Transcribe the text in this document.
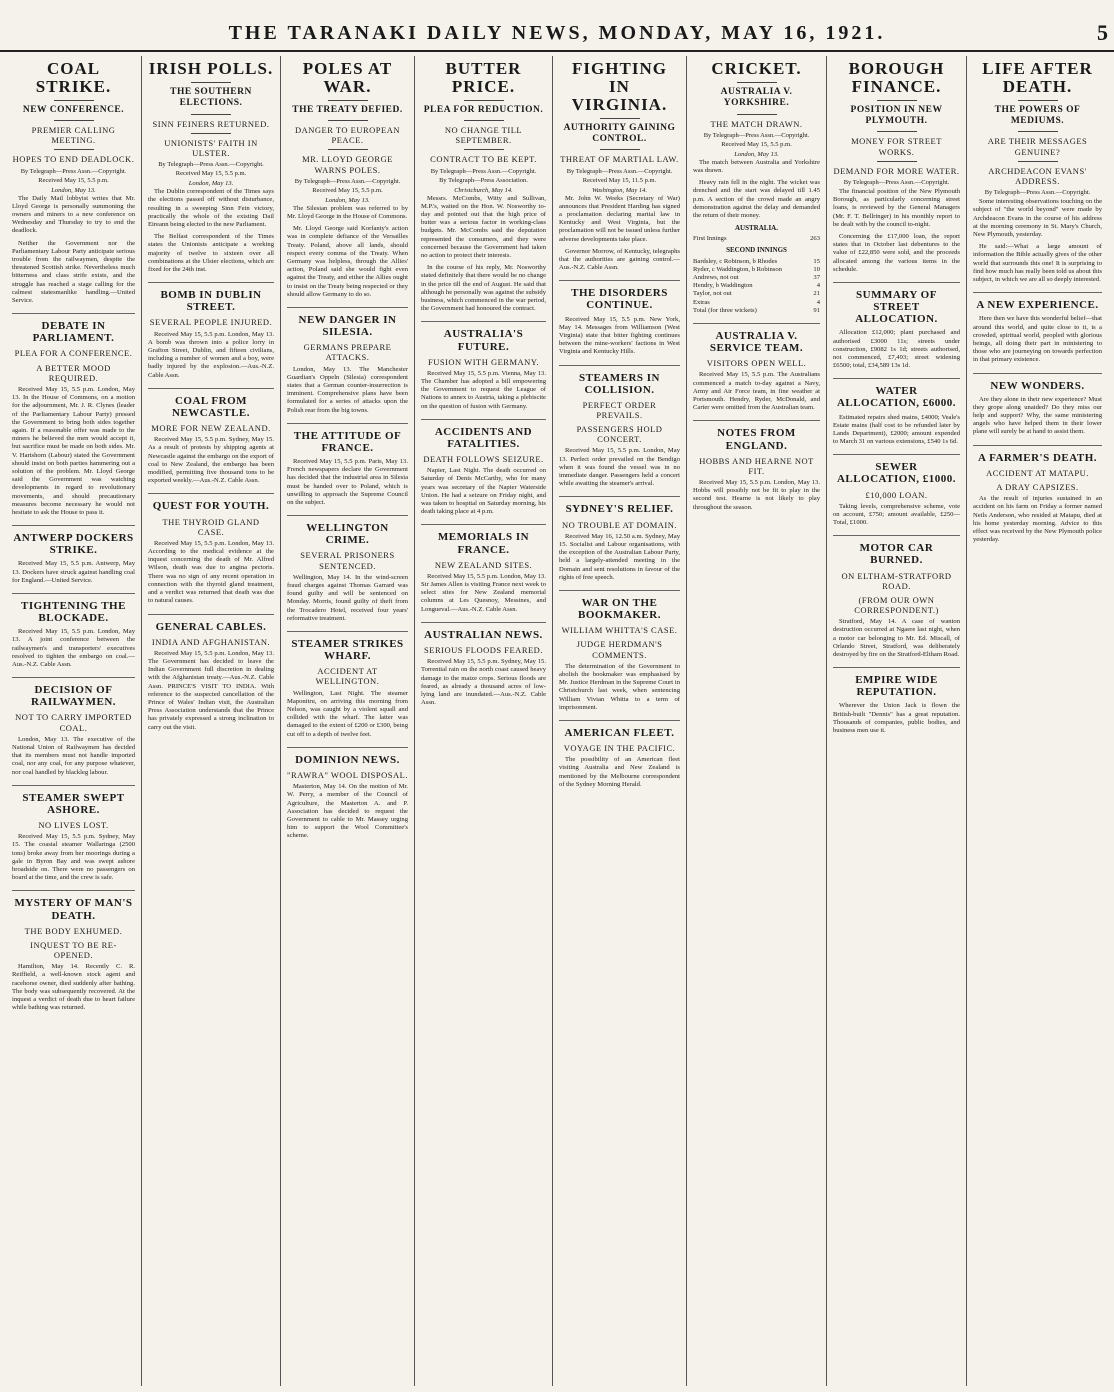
THE TARANAKI DAILY NEWS, MONDAY, MAY 16, 1921.	5
COAL STRIKE.
NEW CONFERENCE.
PREMIER CALLING MEETING.
HOPES TO END DEADLOCK.
By Telegraph—Press Assn.—Copyright.
Received May 15, 5.5 p.m.
London, May 13.

The Daily Mail lobbyist writes that Mr. Lloyd George is personally summoning the owners and miners to a new conference on Wednesday and Thursday to try to end the deadlock.

Neither the Government nor the Parliamentary Labour Party anticipate serious trouble from the railwaymen, despite the threatened Scottish strike. Nevertheless much bitterness and class strife exists, and the struggle has reached a stage calling for the calmest statesmanlike handling.—United Service.

DEBATE IN PARLIAMENT.
PLEA FOR A CONFERENCE.
A BETTER MOOD REQUIRED.

Received May 15, 5.5 p.m. London, May 13. In the House of Commons, on a motion for the adjournment, Mr. J. R. Clynes (leader of the Parliamentary Labour Party) pressed the Government to bring both sides together again. If a reasonable offer was made to the miners he believed the men would accept it, but sacrifice must be made on both sides. Mr. V. Hartshorn (Labour) stated the Government should insist on both parties hammering out a solution of the problem. Mr. Lloyd George said the Government was watching developments in regard to revolutionary movements, and should precautionary measures become necessary he would not hesitate to ask the House to pass it.

ANTWERP DOCKERS STRIKE.

Received May 15, 5.5 p.m. Antwerp, May 13. Dockers have struck against handling coal for England.—United Service.

TIGHTENING THE BLOCKADE.

Received May 15, 5.5 p.m. London, May 13. A joint conference between the railwaymen's and transporters' executives resolved to tighten the embargo on coal.—Aus.-N.Z. Cable Assn.

DECISION OF RAILWAYMEN.
NOT TO CARRY IMPORTED COAL.

London, May 13. The executive of the National Union of Railwaymen has decided that its members must not handle imported coal, nor any coal, for any purpose whatever, nor coal handled by blackleg labour.

STEAMER SWEPT ASHORE.
NO LIVES LOST.

Received May 15, 5.5 p.m. Sydney, May 15. The coastal steamer Wallaringa (2500 tons) broke away from her moorings during a gale in Byron Bay and was swept ashore broadside on. There were no passengers on board at the time, and the crew is safe.

MYSTERY OF MAN'S DEATH.
THE BODY EXHUMED.
INQUEST TO BE RE-OPENED.

Hamilton, May 14. Recently C. R. Reiffield, a well-known stock agent and racehorse owner, died suddenly after bathing. The body was subsequently recovered. At the inquest a verdict of death due to heart failure while bathing was returned.

IRISH POLLS.
THE SOUTHERN ELECTIONS.
SINN FEINERS RETURNED.
UNIONISTS' FAITH IN ULSTER.
By Telegraph—Press Assn.—Copyright.
Received May 15, 5.5 p.m.
London, May 13.

The Dublin correspondent of the Times says the elections passed off without disturbance, resulting in a sweeping Sinn Fein victory, practically the whole of the existing Dail Eireann being elected to the new Parliament.

The Belfast correspondent of the Times states the Unionists anticipate a working majority of twelve to sixteen over all combinations at the Ulster elections, which are fixed for the 24th inst.

BOMB IN DUBLIN STREET.
SEVERAL PEOPLE INJURED.

Received May 15, 5.5 p.m. London, May 13. A bomb was thrown into a police lorry in Grafton Street, Dublin, and fifteen civilians, including a number of women and a boy, were badly injured by the explosion.—Aus.-N.Z. Cable Assn.

COAL FROM NEWCASTLE.
MORE FOR NEW ZEALAND.

Received May 15, 5.5 p.m. Sydney, May 15. As a result of protests by shipping agents at Newcastle against the embargo on the export of coal to New Zealand, the embargo has been modified, permitting five thousand tons to be exported weekly.—Aus.-N.Z. Cable Assn.

QUEST FOR YOUTH.
THE THYROID GLAND CASE.

Received May 15, 5.5 p.m. London, May 13. According to the medical evidence at the inquest concerning the death of Mr. Alfred Wilson, death was due to angina pectoris. There was no sign of any recent operation in connection with the thyroid gland treatment, and a verdict was returned that death was due to natural causes.

GENERAL CABLES.
INDIA AND AFGHANISTAN.

Received May 15, 5.5 p.m. London, May 13. The Government has decided to leave the Indian Government full discretion in dealing with the Afghanistan treaty.—Aus.-N.Z. Cable Assn. PRINCE'S VISIT TO INDIA. With reference to the suspected cancellation of the Prince of Wales' Indian visit, the Australian Press Association understands that the Prince has privately expressed a strong inclination to carry out the visit.

POLES AT WAR.
THE TREATY DEFIED.
DANGER TO EUROPEAN PEACE.
MR. LLOYD GEORGE WARNS POLES.
By Telegraph—Press Assn.—Copyright.
Received May 15, 5.5 p.m.
London, May 13.

The Silesian problem was referred to by Mr. Lloyd George in the House of Commons.

Mr. Lloyd George said Korfanty's action was in complete defiance of the Versailles Treaty. Poland, above all lands, should respect every comma of the Treaty. When Germany was helpless, through the Allies' action, Poland said she would fight even against the Treaty, and either the Allies ought to insist on the Treaty being respected or they should allow Germany to do so.

NEW DANGER IN SILESIA.
GERMANS PREPARE ATTACKS.

London, May 13. The Manchester Guardian's Oppeln (Silesia) correspondent states that a German counter-insurrection is imminent. Comprehensive plans have been formulated for a series of attacks upon the Polish rear from the big towns.

THE ATTITUDE OF FRANCE.

Received May 15, 5.5 p.m. Paris, May 13. French newspapers declare the Government has decided that the industrial area in Silesia must be handed over to Poland, which is unwilling to approach the Supreme Council on the subject.

WELLINGTON CRIME.
SEVERAL PRISONERS SENTENCED.

Wellington, May 14. In the wind-screen fraud charges against Thomas Garrard was found guilty and will be sentenced on Monday. Morris, found guilty of theft from the Trocadero Hotel, received four years' reformative treatment.

STEAMER STRIKES WHARF.
ACCIDENT AT WELLINGTON.

Wellington, Last Night. The steamer Maponitru, on arriving this morning from Nelson, was caught by a violent squall and collided with the wharf. The latter was damaged to the extent of £200 or £300, being cut off to a depth of twelve feet.

DOMINION NEWS.
"RAWRA" WOOL DISPOSAL.

Masterton, May 14. On the motion of Mr. W. Perry, a member of the Council of Agriculture, the Masterton A. and P. Association has decided to request the Government to cable to Mr. Massey urging him to support the Wool Committee's scheme.

BUTTER PRICE.
PLEA FOR REDUCTION.
NO CHANGE TILL SEPTEMBER.
CONTRACT TO BE KEPT.
By Telegraph—Press Assn.—Copyright.
By Telegraph—Press Association.
Christchurch, May 14.

Messrs. McCombs, Witty and Sullivan, M.P.'s, waited on the Hon. W. Nosworthy to-day and pointed out that the high price of butter was a serious factor in working-class budgets. Mr. McCombs said the deputation represented the consumers, and they were concerned because the Government had taken no action to protect their interests.

In the course of his reply, Mr. Nosworthy stated definitely that there would be no change in the price till the end of August. He said that although he personally was against the subsidy business, which commenced in the war period, the Government had honoured the contract.

AUSTRALIA'S FUTURE.
FUSION WITH GERMANY.

Received May 15, 5.5 p.m. Vienna, May 13. The Chamber has adopted a bill empowering the Government to request the League of Nations to annex to Austria, taking a plebiscite on the question of fusion with Germany.

ACCIDENTS AND FATALITIES.
DEATH FOLLOWS SEIZURE.

Napier, Last Night. The death occurred on Saturday of Denis McCarthy, who for many years was secretary of the Napier Waterside Union. He had a seizure on Friday night, and was taken to hospital on Saturday morning, his death taking place at 4 p.m.

MEMORIALS IN FRANCE.
NEW ZEALAND SITES.

Received May 15, 5.5 p.m. London, May 13. Sir James Allen is visiting France next week to select sites for New Zealand memorial columns at Les Quesnoy, Messines, and Longueval.—Aus.-N.Z. Cable Assn.

AUSTRALIAN NEWS.
SERIOUS FLOODS FEARED.

Received May 15, 5.5 p.m. Sydney, May 15. Torrential rain on the north coast caused heavy damage to the maize crops. Serious floods are feared, as already a thousand acres of low-lying land are inundated.—Aus.-N.Z. Cable Assn.

FIGHTING IN VIRGINIA.
AUTHORITY GAINING CONTROL.
THREAT OF MARTIAL LAW.
By Telegraph—Press Assn.—Copyright.
Received May 15, 11.5 p.m.
Washington, May 14.

Mr. John W. Weeks (Secretary of War) announces that President Harding has signed a proclamation declaring martial law in Kentucky and West Virginia, but the proclamation will not be issued unless further adverse developments take place.

Governor Morrow, of Kentucky, telegraphs that the authorities are gaining control.—Aus.-N.Z. Cable Assn.

THE DISORDERS CONTINUE.

Received May 15, 5.5 p.m. New York, May 14. Messages from Williamson (West Virginia) state that bitter fighting continues between the mine-workers' factions in West Virginia and Kentucky Hills.

STEAMERS IN COLLISION.
PERFECT ORDER PREVAILS.
PASSENGERS HOLD CONCERT.

Received May 15, 5.5 p.m. London, May 13. Perfect order prevailed on the Bendigo when it was found the vessel was in no immediate danger. Passengers held a concert while awaiting the steamer's arrival.

SYDNEY'S RELIEF.
NO TROUBLE AT DOMAIN.

Received May 16, 12.50 a.m. Sydney, May 15. Socialist and Labour organisations, with the exception of the Australian Labour Party, held a largely-attended meeting in the Domain and sent resolutions in favour of the rights of free speech.

WAR ON THE BOOKMAKER.
WILLIAM WHITTA'S CASE.
JUDGE HERDMAN'S COMMENTS.

The determination of the Government to abolish the bookmaker was emphasised by Mr. Justice Herdman in the Supreme Court in Christchurch last week, when sentencing William Vivian Whitta to a term of imprisonment.

AMERICAN FLEET.
VOYAGE IN THE PACIFIC.

The possibility of an American fleet visiting Australia and New Zealand is mentioned by the Melbourne correspondent of the Sydney Morning Herald.

CRICKET.
AUSTRALIA V. YORKSHIRE.
THE MATCH DRAWN.
By Telegraph—Press Assn.—Copyright.
Received May 15, 5.5 p.m.
London, May 13.

The match between Australia and Yorkshire was drawn.

Heavy rain fell in the night. The wicket was drenched and the start was delayed till 1.45 p.m. A section of the crowd made an angry demonstration against the delay and demanded the return of their money.

AUSTRALIA.
First Innings	263
SECOND INNINGS
Bardsley, c Robinson, b Rhodes	15
Ryder, c Waddington, b Robinson	10
Andrews, not out	37
Hendry, b Waddington	4
Taylor, not out	21
Extras	4
Total (for three wickets)	91
AUSTRALIA V. SERVICE TEAM.
VISITORS OPEN WELL.

Received May 15, 5.5 p.m. The Australians commenced a match to-day against a Navy, Army and Air Force team, in fine weather at Portsmouth. Hendry, Ryder, McDonald, and Carter were omitted from the Australian team.

NOTES FROM ENGLAND.
HOBBS AND HEARNE NOT FIT.

Received May 15, 5.5 p.m. London, May 13. Hobbs will possibly not be fit to play in the second test. Hearne is not likely to play throughout the season.

BOROUGH FINANCE.
POSITION IN NEW PLYMOUTH.
MONEY FOR STREET WORKS.
DEMAND FOR MORE WATER.
By Telegraph—Press Assn.—Copyright.

The financial position of the New Plymouth Borough, as particularly concerning street loans, is reviewed by the General Managers (Mr. F. T. Bellringer) in his monthly report to be dealt with by the council to-night.

Concerning the £17,000 loan, the report states that in October last debentures to the value of £22,850 were sold, and the proceeds allocated among the various items in the schedule.

SUMMARY OF STREET ALLOCATION.

Allocation £12,000; plant purchased and authorised £3000 11s; streets under construction, £9082 1s 1d; streets authorised, not commenced, £7,493; street widening £6500; total, £34,589 13s 1d.

WATER ALLOCATION, £6000.

Estimated repairs shed mains, £4000; Veale's Estate mains (half cost to be refunded later by Lands Department), £2000; amount expended to March 31 on various extensions, £540 1s 6d.

SEWER ALLOCATION, £1000.
£10,000 LOAN.

Taking levels, comprehensive scheme, vote on account, £750; amount available, £250—Total, £1000.

MOTOR CAR BURNED.
ON ELTHAM-STRATFORD ROAD.
(FROM OUR OWN CORRESPONDENT.)

Stratford, May 14. A case of wanton destruction occurred at Ngaere last night, when a motor car belonging to Mr. Ed. Miscall, of Orlando Street, Stratford, was deliberately destroyed by fire on the Stratford-Eltham Road.

EMPIRE WIDE REPUTATION.

Wherever the Union Jack is flown the British-built "Dennis" has a great reputation. Thousands of companies, public bodies, and business men use it.

LIFE AFTER DEATH.
THE POWERS OF MEDIUMS.
ARE THEIR MESSAGES GENUINE?
ARCHDEACON EVANS' ADDRESS.
By Telegraph—Press Assn.—Copyright.

Some interesting observations touching on the subject of "the world beyond" were made by Archdeacon Evans in the course of his address at the morning ceremony in St. Mary's Church, New Plymouth, yesterday.

He said:—What a large amount of information the Bible actually gives of the other world that surrounds this one! It is surprising to find how much has really been told us about this subject, in which we are all so deeply interested.

A NEW EXPERIENCE.

Here then we have this wonderful belief—that around this world, and quite close to it, is a crowded, spiritual world, peopled with glorious beings, all doing their part in ministering to those who are journeying on towards perfection in that primary existence.

NEW WONDERS.

Are they alone in their new experience? Must they grope along unaided? Do they miss our help and support? Why, the same ministering angels who have helped them in their lower plane will surely be at hand to assist them.

A FARMER'S DEATH.
ACCIDENT AT MATAPU.
A DRAY CAPSIZES.

As the result of injuries sustained in an accident on his farm on Friday a former named Neils Anderson, who resided at Matapu, died at his home yesterday morning. Advice to this effect was received by the New Plymouth police yesterday.
